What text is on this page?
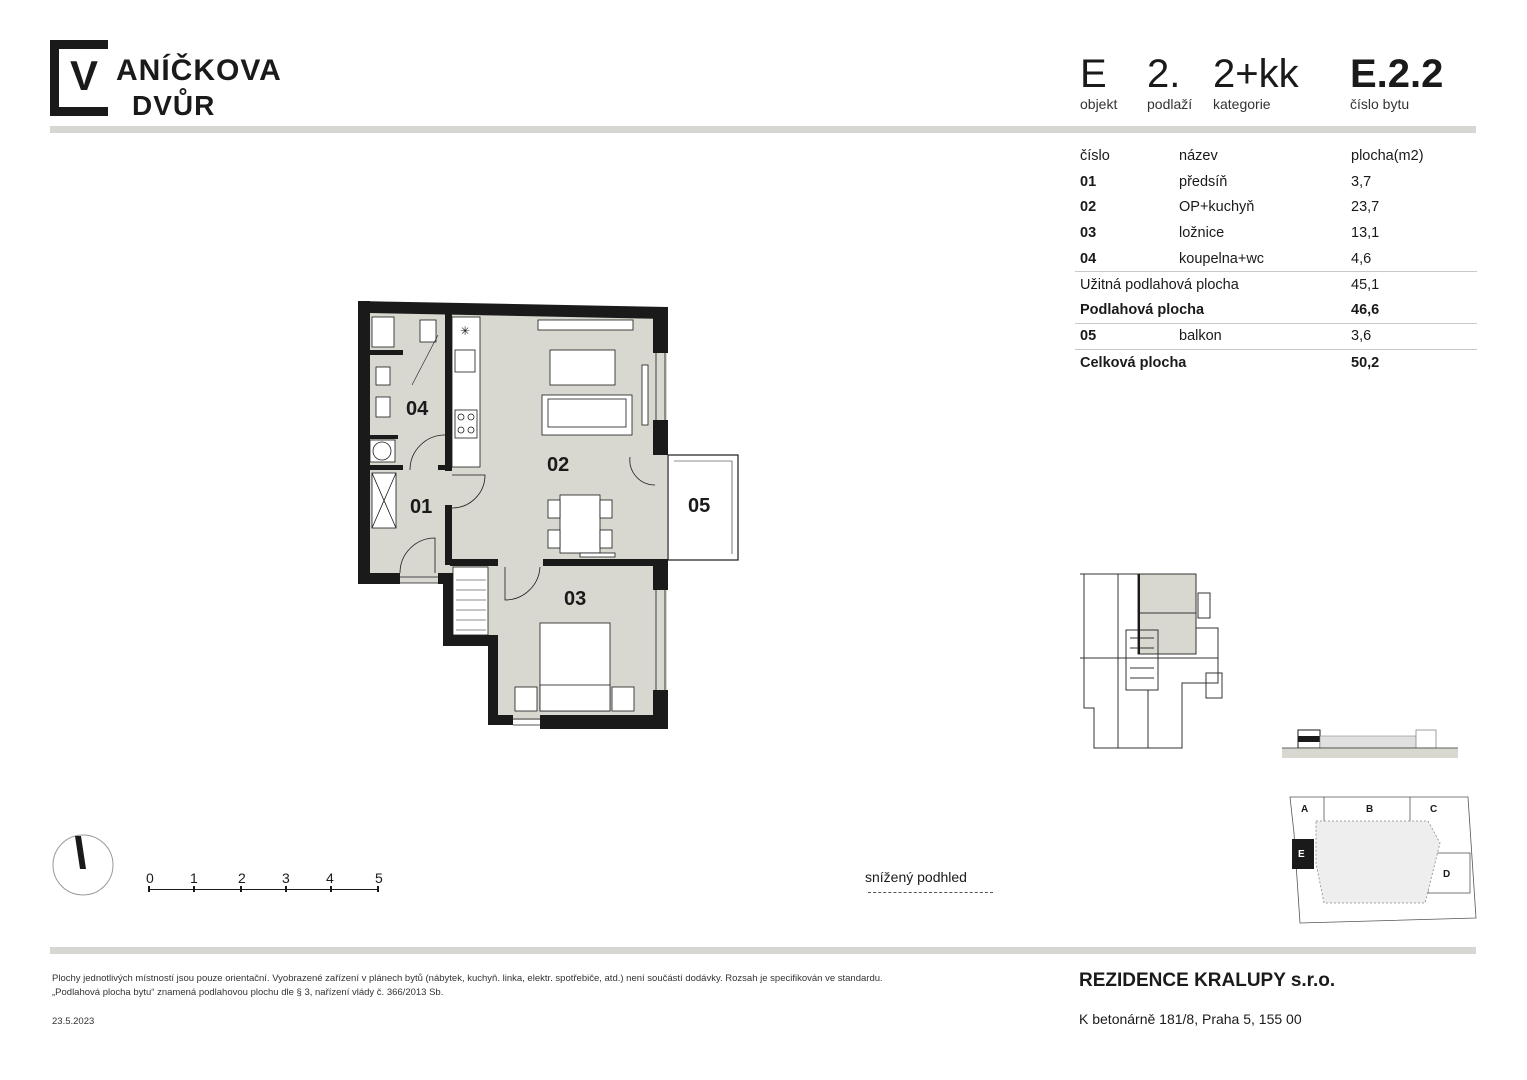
V ANÍČKOVA
DVŮR
E
objekt
2.
podlaží
2+kk
kategorie
E.2.2
číslo bytu
číslo	název	plocha(m2)
01	předsíň	3,7
02	OP+kuchyň	23,7
03	ložnice	13,1
04	koupelna+wc	4,6
Užitná podlahová plocha		45,1
Podlahová plocha		46,6
05	balkon	3,6
Celková plocha		50,2
✳
04
02
01	05
03
0	1	2	3	4	5	snížený podhled
A	B	C
D
E
Plochy jednotlivých místností jsou pouze orientační. Vyobrazené zařízení v plánech bytů (nábytek, kuchyň. linka, elektr. spotřebiče, atd.) není součástí dodávky. Rozsah je specifikován ve standardu.
„Podlahová plocha bytu“ znamená podlahovou plochu dle § 3, nařízení vlády č. 366/2013 Sb.
23.5.2023
REZIDENCE KRALUPY s.r.o.
K betonárně 181/8, Praha 5, 155 00
